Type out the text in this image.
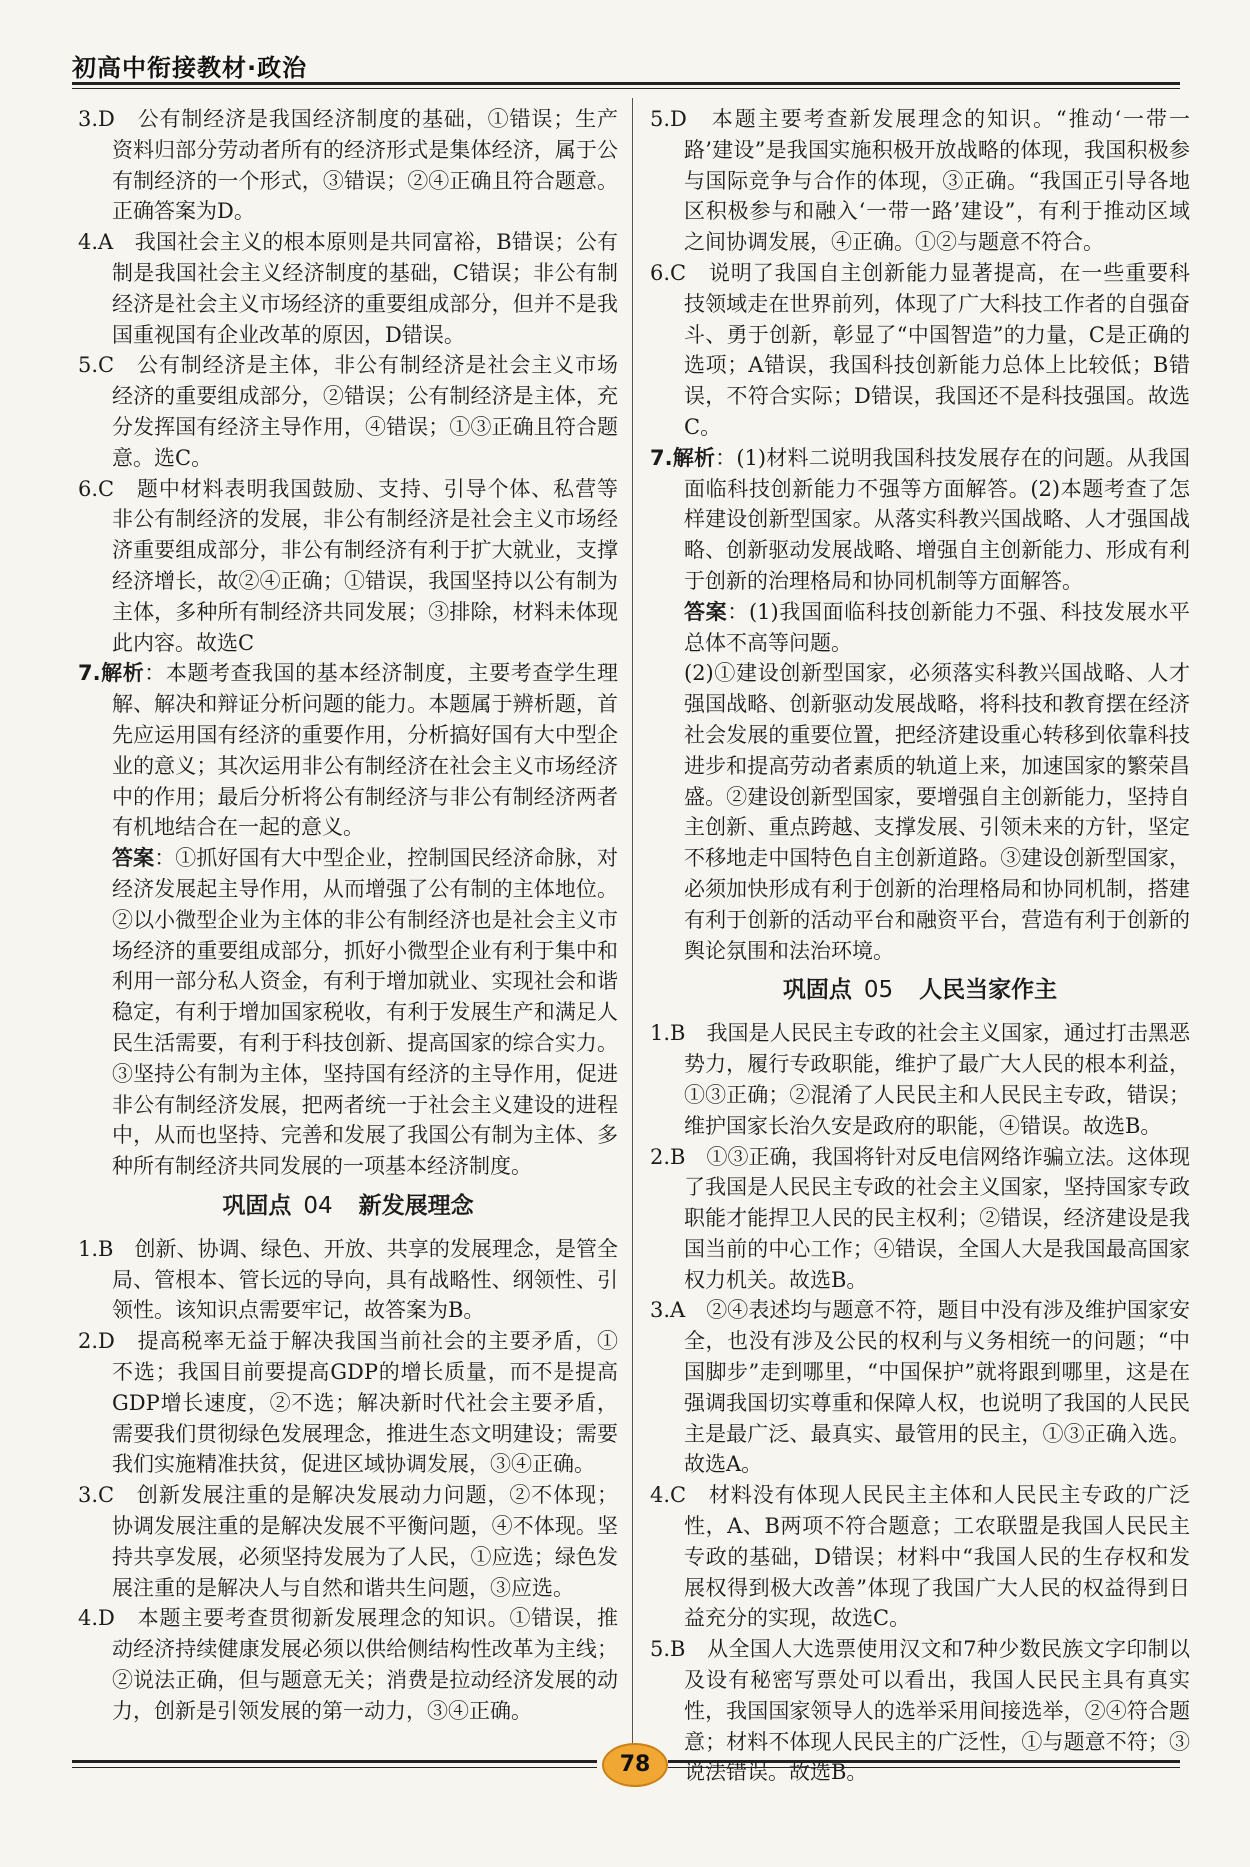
初高中衔接教材·政治

3.D　公有制经济是我国经济制度的基础，①错误；生产资料归部分劳动者所有的经济形式是集体经济，属于公有制经济的一个形式，③错误；②④正确且符合题意。正确答案为D。

4.A　我国社会主义的根本原则是共同富裕，B错误；公有制是我国社会主义经济制度的基础，C错误；非公有制经济是社会主义市场经济的重要组成部分，但并不是我国重视国有企业改革的原因，D错误。

5.C　公有制经济是主体，非公有制经济是社会主义市场经济的重要组成部分，②错误；公有制经济是主体，充分发挥国有经济主导作用，④错误；①③正确且符合题意。选C。

6.C　题中材料表明我国鼓励、支持、引导个体、私营等非公有制经济的发展，非公有制经济是社会主义市场经济重要组成部分，非公有制经济有利于扩大就业，支撑经济增长，故②④正确；①错误，我国坚持以公有制为主体，多种所有制经济共同发展；③排除，材料未体现此内容。故选C

7.解析：本题考查我国的基本经济制度，主要考查学生理解、解决和辩证分析问题的能力。本题属于辨析题，首先应运用国有经济的重要作用，分析搞好国有大中型企业的意义；其次运用非公有制经济在社会主义市场经济中的作用；最后分析将公有制经济与非公有制经济两者有机地结合在一起的意义。

答案：①抓好国有大中型企业，控制国民经济命脉，对经济发展起主导作用，从而增强了公有制的主体地位。②以小微型企业为主体的非公有制经济也是社会主义市场经济的重要组成部分，抓好小微型企业有利于集中和利用一部分私人资金，有利于增加就业、实现社会和谐稳定，有利于增加国家税收，有利于发展生产和满足人民生活需要，有利于科技创新、提高国家的综合实力。③坚持公有制为主体，坚持国有经济的主导作用，促进非公有制经济发展，把两者统一于社会主义建设的进程中，从而也坚持、完善和发展了我国公有制为主体、多种所有制经济共同发展的一项基本经济制度。

巩固点 04 新发展理念

1.B　创新、协调、绿色、开放、共享的发展理念，是管全局、管根本、管长远的导向，具有战略性、纲领性、引领性。该知识点需要牢记，故答案为B。

2.D　提高税率无益于解决我国当前社会的主要矛盾，①不选；我国目前要提高GDP的增长质量，而不是提高GDP增长速度，②不选；解决新时代社会主要矛盾，需要我们贯彻绿色发展理念，推进生态文明建设；需要我们实施精准扶贫，促进区域协调发展，③④正确。

3.C　创新发展注重的是解决发展动力问题，②不体现；协调发展注重的是解决发展不平衡问题，④不体现。坚持共享发展，必须坚持发展为了人民，①应选；绿色发展注重的是解决人与自然和谐共生问题，③应选。

4.D　本题主要考查贯彻新发展理念的知识。①错误，推动经济持续健康发展必须以供给侧结构性改革为主线；②说法正确，但与题意无关；消费是拉动经济发展的动力，创新是引领发展的第一动力，③④正确。

5.D　本题主要考查新发展理念的知识。“推动‘一带一路’建设”是我国实施积极开放战略的体现，我国积极参与国际竞争与合作的体现，③正确。“我国正引导各地区积极参与和融入‘一带一路’建设”，有利于推动区域之间协调发展，④正确。①②与题意不符合。

6.C　说明了我国自主创新能力显著提高，在一些重要科技领域走在世界前列，体现了广大科技工作者的自强奋斗、勇于创新，彰显了“中国智造”的力量，C是正确的选项；A错误，我国科技创新能力总体上比较低；B错误，不符合实际；D错误，我国还不是科技强国。故选C。

7.解析：(1)材料二说明我国科技发展存在的问题。从我国面临科技创新能力不强等方面解答。(2)本题考查了怎样建设创新型国家。从落实科教兴国战略、人才强国战略、创新驱动发展战略、增强自主创新能力、形成有利于创新的治理格局和协同机制等方面解答。

答案：(1)我国面临科技创新能力不强、科技发展水平总体不高等问题。

(2)①建设创新型国家，必须落实科教兴国战略、人才强国战略、创新驱动发展战略，将科技和教育摆在经济社会发展的重要位置，把经济建设重心转移到依靠科技进步和提高劳动者素质的轨道上来，加速国家的繁荣昌盛。②建设创新型国家，要增强自主创新能力，坚持自主创新、重点跨越、支撑发展、引领未来的方针，坚定不移地走中国特色自主创新道路。③建设创新型国家，必须加快形成有利于创新的治理格局和协同机制，搭建有利于创新的活动平台和融资平台，营造有利于创新的舆论氛围和法治环境。

巩固点 05 人民当家作主

1.B　我国是人民民主专政的社会主义国家，通过打击黑恶势力，履行专政职能，维护了最广大人民的根本利益，①③正确；②混淆了人民民主和人民民主专政，错误；维护国家长治久安是政府的职能，④错误。故选B。

2.B　①③正确，我国将针对反电信网络诈骗立法。这体现了我国是人民民主专政的社会主义国家，坚持国家专政职能才能捍卫人民的民主权利；②错误，经济建设是我国当前的中心工作；④错误，全国人大是我国最高国家权力机关。故选B。

3.A　②④表述均与题意不符，题目中没有涉及维护国家安全，也没有涉及公民的权利与义务相统一的问题；“中国脚步”走到哪里，“中国保护”就将跟到哪里，这是在强调我国切实尊重和保障人权，也说明了我国的人民民主是最广泛、最真实、最管用的民主，①③正确入选。故选A。

4.C　材料没有体现人民民主主体和人民民主专政的广泛性，A、B两项不符合题意；工农联盟是我国人民民主专政的基础，D错误；材料中“我国人民的生存权和发展权得到极大改善”体现了我国广大人民的权益得到日益充分的实现，故选C。

5.B　从全国人大选票使用汉文和7种少数民族文字印制以及设有秘密写票处可以看出，我国人民民主具有真实性，我国国家领导人的选举采用间接选举，②④符合题意；材料不体现人民民主的广泛性，①与题意不符；③说法错误。故选B。

78
